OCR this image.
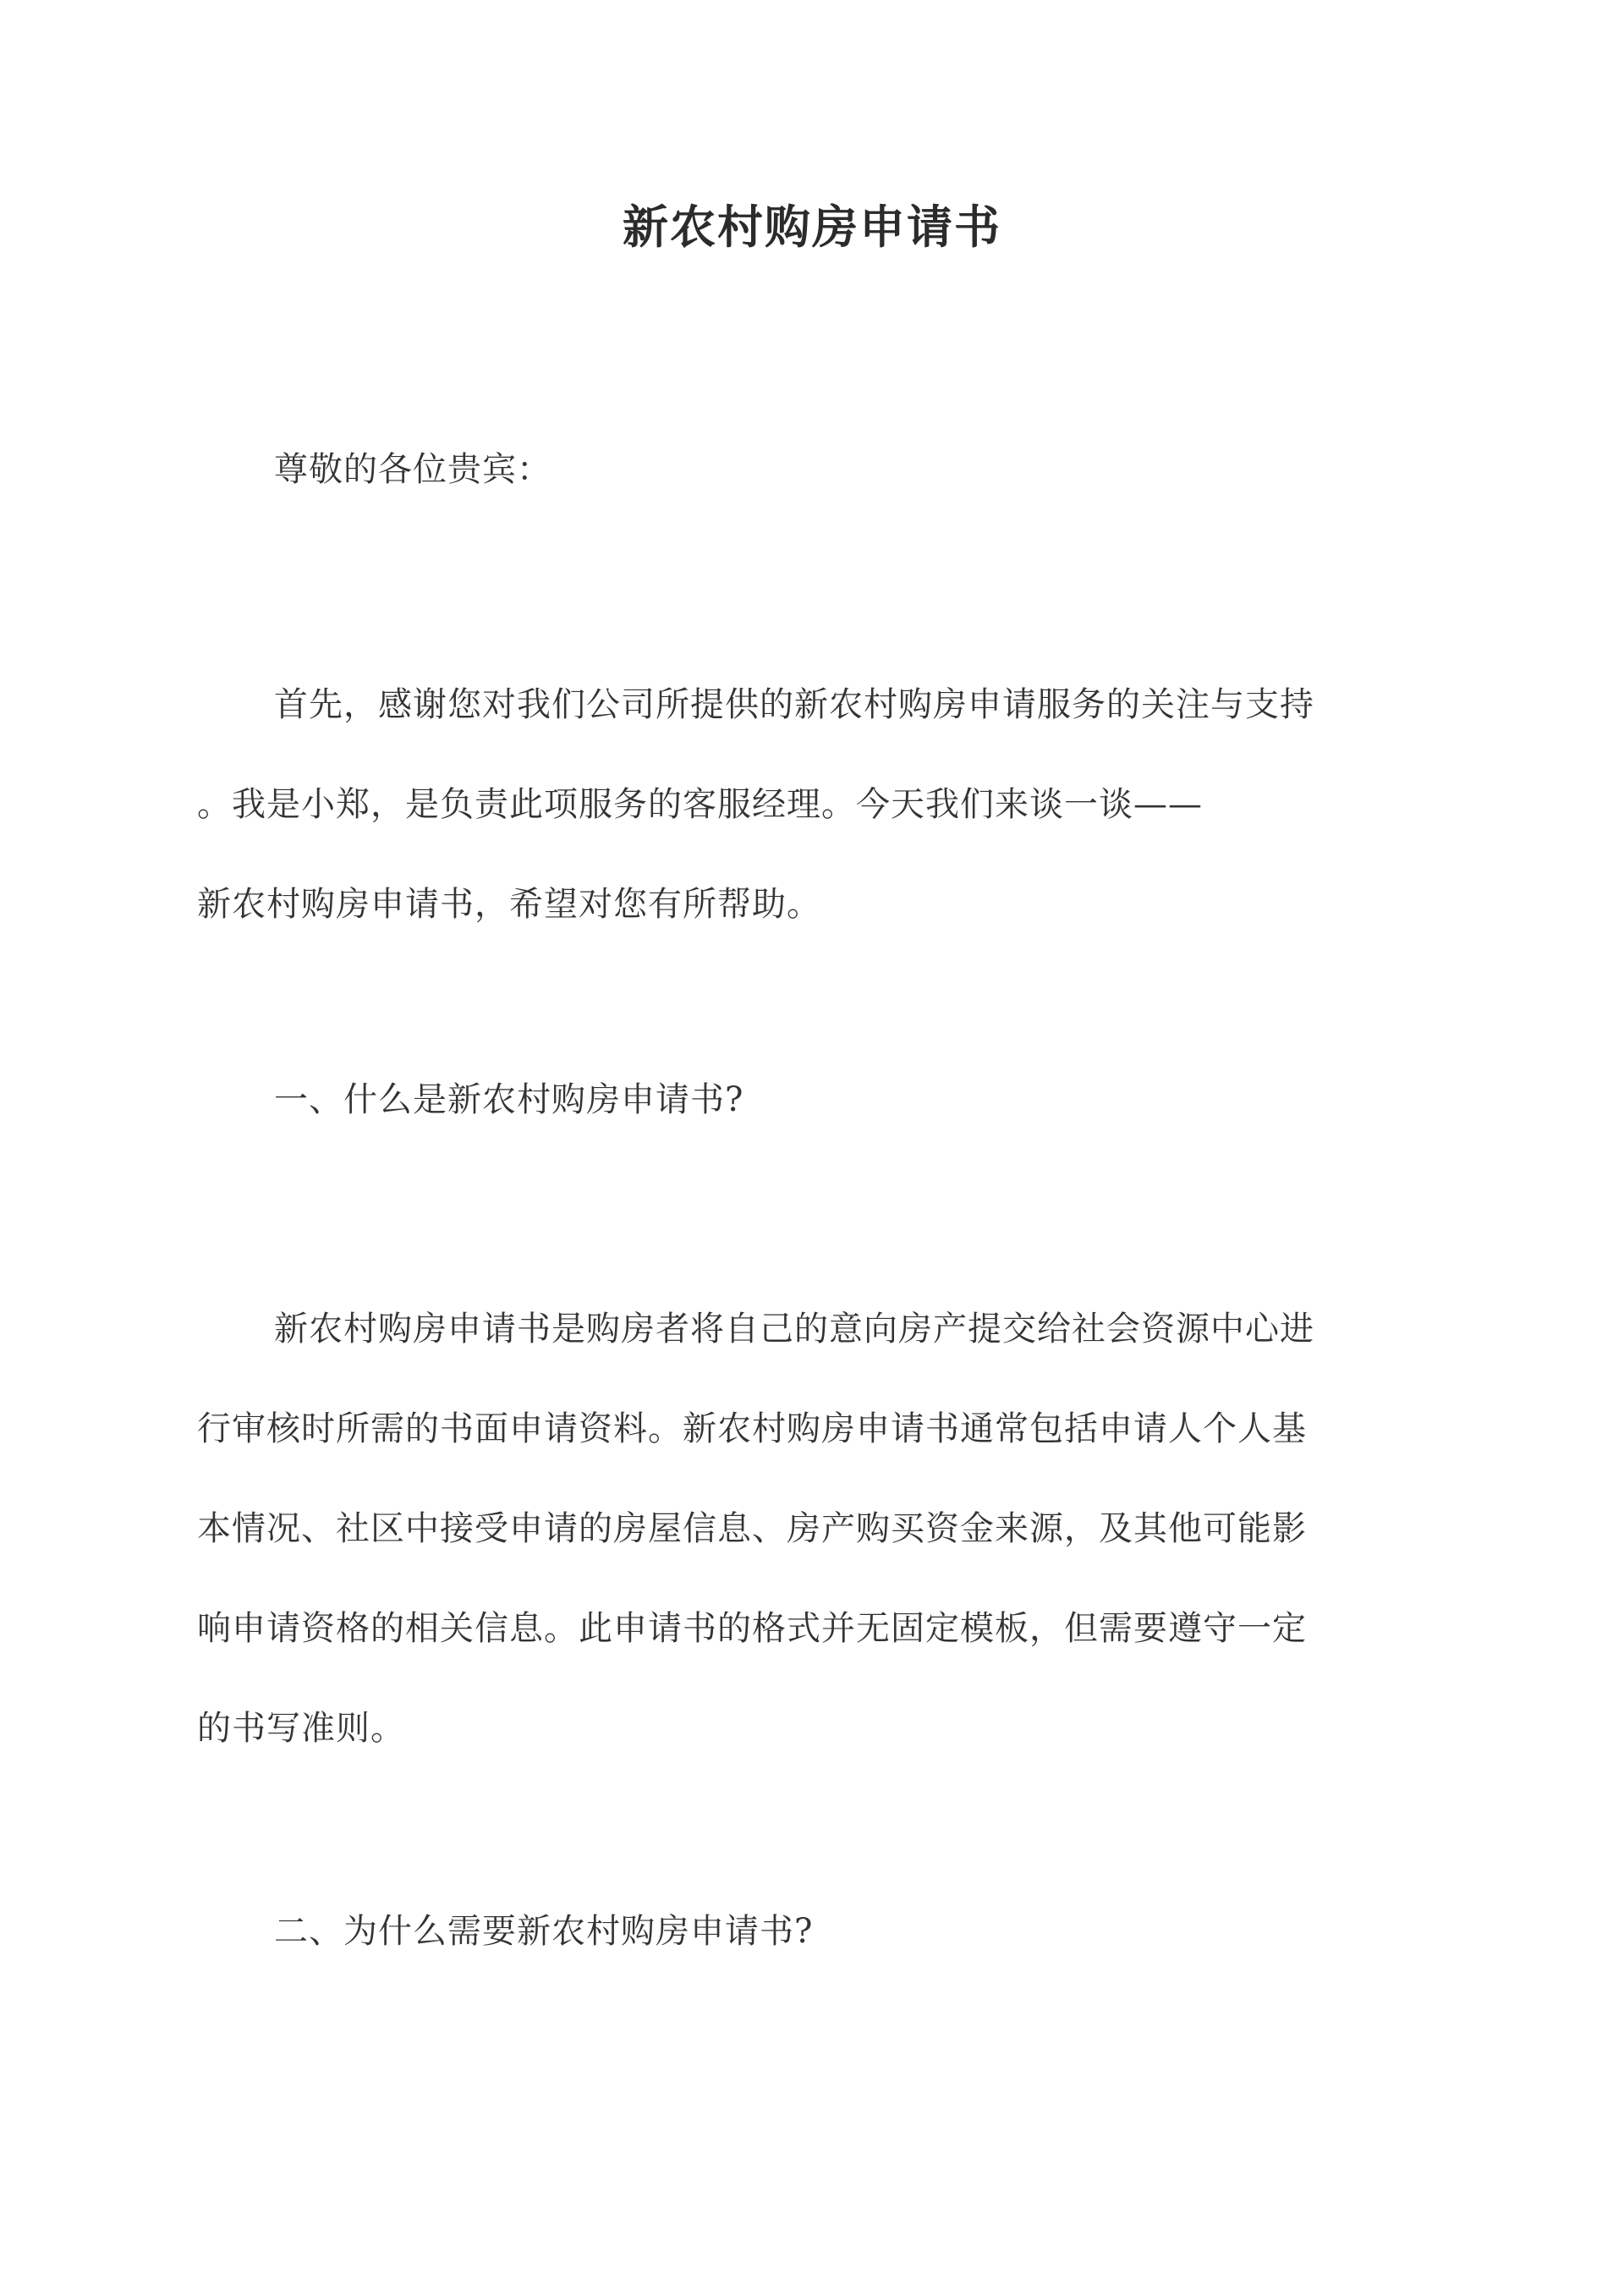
新农村购房申请书
尊敬的各位贵宾：
首先，感谢您对我们公司所提供的新农村购房申请服务的关注与支持
。我是小郑，是负责此项服务的客服经理。今天我们来谈一谈——
新农村购房申请书，希望对您有所帮助。
一、什么是新农村购房申请书?
新农村购房申请书是购房者将自己的意向房产提交给社会资源中心进
行审核时所需的书面申请资料。新农村购房申请书通常包括申请人个人基
本情况、社区中接受申请的房屋信息、房产购买资金来源，及其他可能影
响申请资格的相关信息。此申请书的格式并无固定模板，但需要遵守一定
的书写准则。
二、为什么需要新农村购房申请书?
